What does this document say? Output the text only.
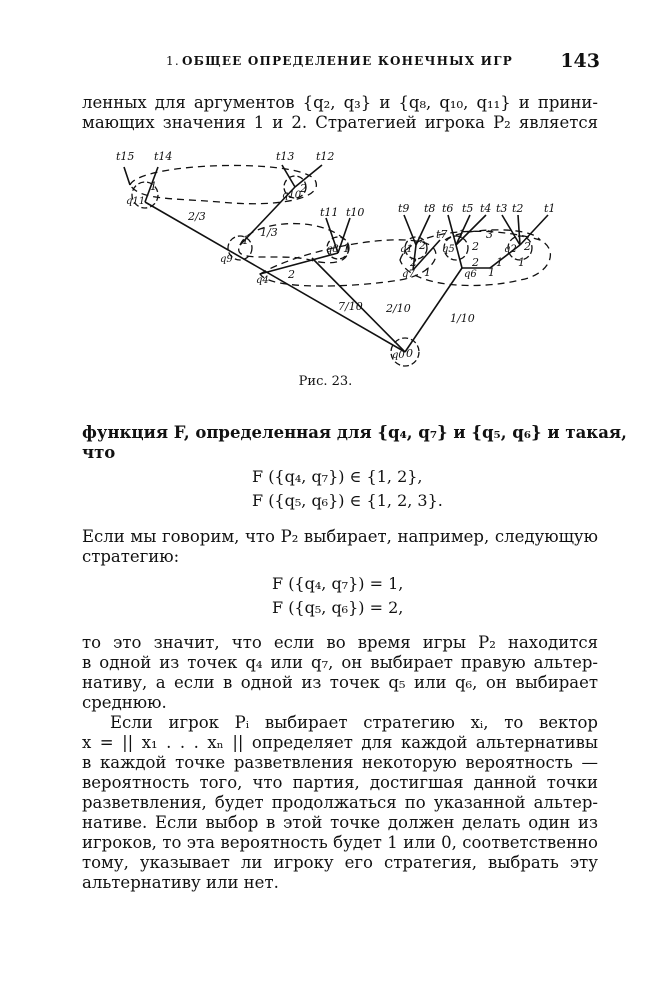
1. ОБЩЕЕ ОПРЕДЕЛЕНИЕ КОНЕЧНЫХ ИГР 143
ленных для аргументов {q₂, q₃} и {q₈, q₁₀, q₁₁} и прини-
мающих значения 1 и 2. Стратегией игрока P₂ является
t15 t14	t13 t12
t11 t10	t9 t8 t6 t5 t4 t3 t2 t1
t7
q11
q10
q8
q9
q4
q7
q1
q6
q5	q2
q0
2/3
1/3
2
1
1
2
1/10
2/10
7/10
1	2
1
2
1
2
1 3
2	1
2	1
0
Рис. 23.
функция F, определенная для {q₄, q₇} и {q₅, q₆} и такая,
что
F ({q₄, q₇}) ∈ {1, 2},
F ({q₅, q₆}) ∈ {1, 2, 3}.
Если мы говорим, что P₂ выбирает, например, следующую
стратегию:
F ({q₄, q₇}) = 1,
F ({q₅, q₆}) = 2,
то это значит, что если во время игры P₂ находится
в одной из точек q₄ или q₇, он выбирает правую альтер-
нативу, а если в одной из точек q₅ или q₆, он выбирает
среднюю.
Если игрок Pᵢ выбирает стратегию xᵢ, то вектор
x = || x₁ . . . xₙ || определяет для каждой альтернативы
в каждой точке разветвления некоторую вероятность —
вероятность того, что партия, достигшая данной точки
разветвления, будет продолжаться по указанной альтер-
нативе. Если выбор в этой точке должен делать один из
игроков, то эта вероятность будет 1 или 0, соответственно
тому, указывает ли игроку его стратегия, выбрать эту
альтернативу или нет.
